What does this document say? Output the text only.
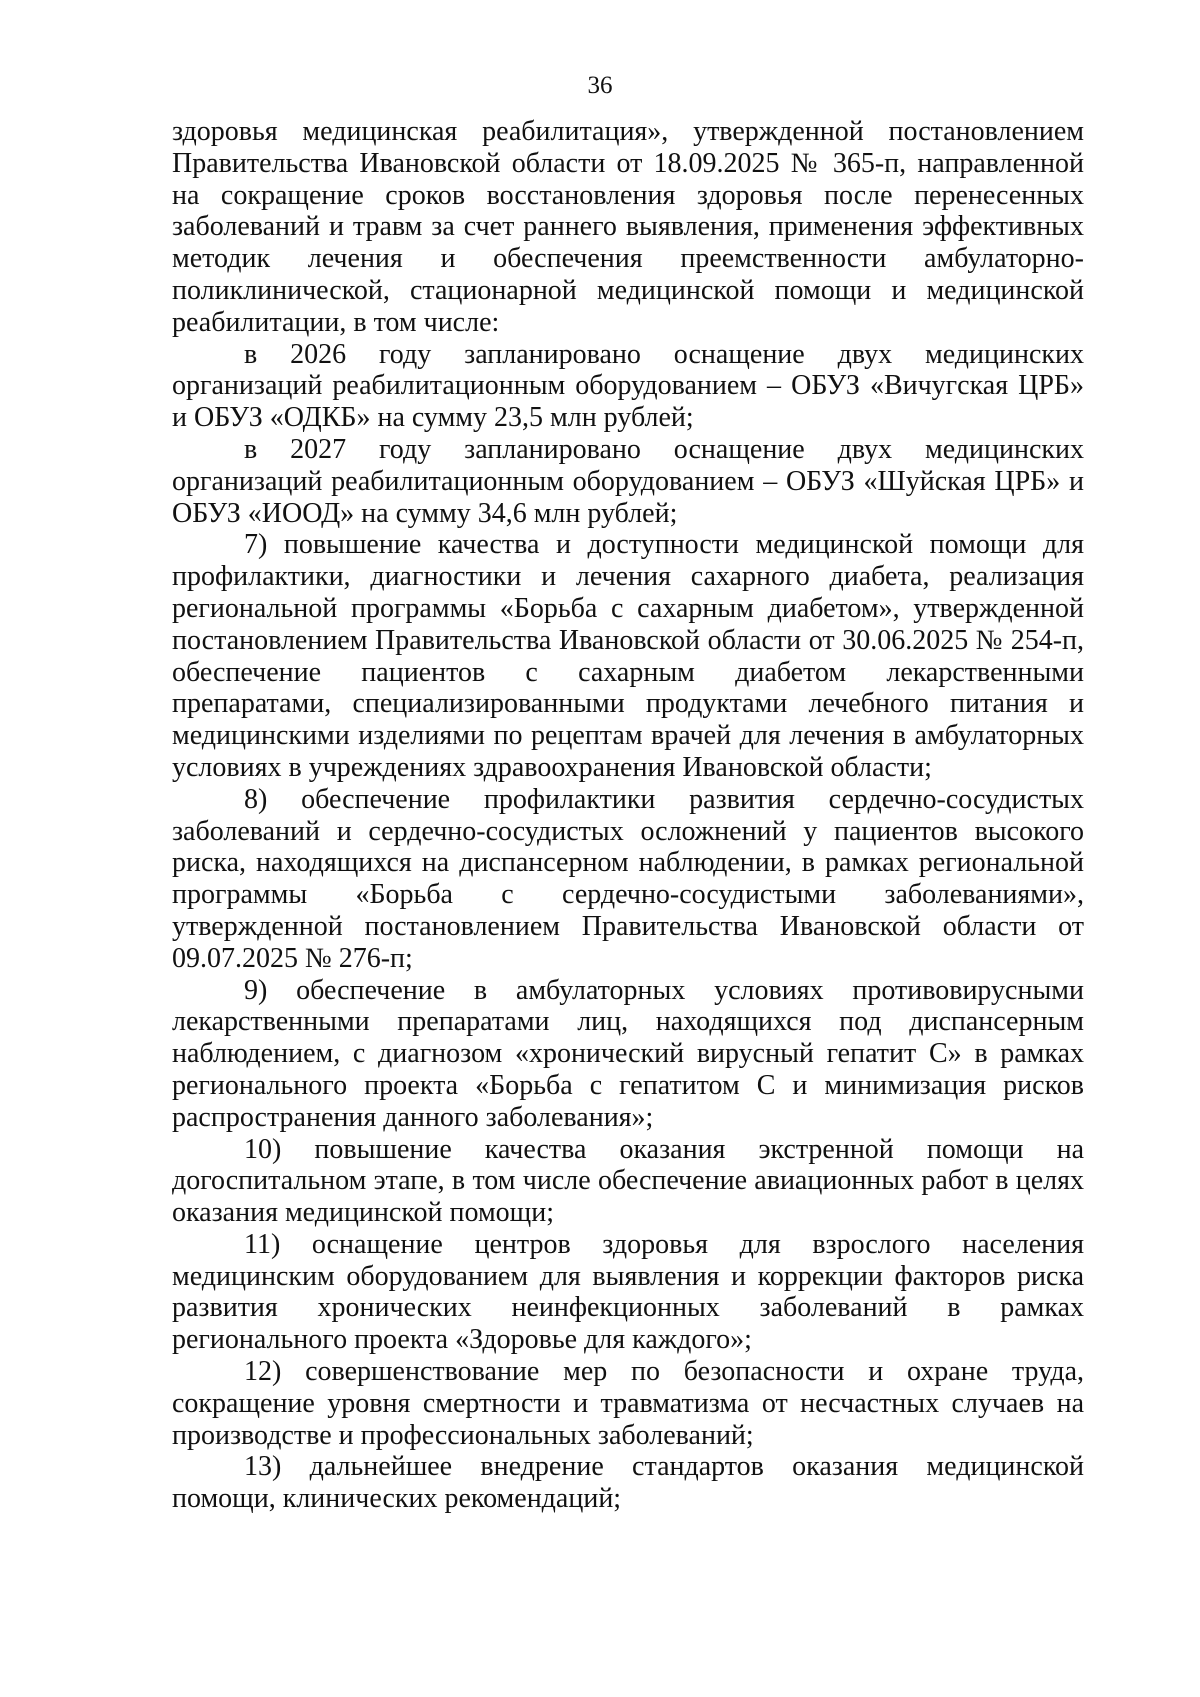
36

здоровья медицинская реабилитация», утвержденной постановлением Правительства Ивановской области от 18.09.2025 № 365-п, направленной на сокращение сроков восстановления здоровья после перенесенных заболеваний и травм за счет раннего выявления, применения эффективных методик лечения и обеспечения преемственности амбулаторно-поликлинической, стационарной медицинской помощи и медицинской реабилитации, в том числе:

в 2026 году запланировано оснащение двух медицинских организаций реабилитационным оборудованием – ОБУЗ «Вичугская ЦРБ» и ОБУЗ «ОДКБ» на сумму 23,5 млн рублей;

в 2027 году запланировано оснащение двух медицинских организаций реабилитационным оборудованием – ОБУЗ «Шуйская ЦРБ» и ОБУЗ «ИООД» на сумму 34,6 млн рублей;

7) повышение качества и доступности медицинской помощи для профилактики, диагностики и лечения сахарного диабета, реализация региональной программы «Борьба с сахарным диабетом», утвержденной постановлением Правительства Ивановской области от 30.06.2025 № 254-п, обеспечение пациентов с сахарным диабетом лекарственными препаратами, специализированными продуктами лечебного питания и медицинскими изделиями по рецептам врачей для лечения в амбулаторных условиях в учреждениях здравоохранения Ивановской области;

8) обеспечение профилактики развития сердечно-сосудистых заболеваний и сердечно-сосудистых осложнений у пациентов высокого риска, находящихся на диспансерном наблюдении, в рамках региональной программы «Борьба с сердечно-сосудистыми заболеваниями», утвержденной постановлением Правительства Ивановской области от 09.07.2025 № 276-п;

9) обеспечение в амбулаторных условиях противовирусными лекарственными препаратами лиц, находящихся под диспансерным наблюдением, с диагнозом «хронический вирусный гепатит С» в рамках регионального проекта «Борьба с гепатитом С и минимизация рисков распространения данного заболевания»;

10) повышение качества оказания экстренной помощи на догоспитальном этапе, в том числе обеспечение авиационных работ в целях оказания медицинской помощи;

11) оснащение центров здоровья для взрослого населения медицинским оборудованием для выявления и коррекции факторов риска развития хронических неинфекционных заболеваний в рамках регионального проекта «Здоровье для каждого»;

12) совершенствование мер по безопасности и охране труда, сокращение уровня смертности и травматизма от несчастных случаев на производстве и профессиональных заболеваний;

13) дальнейшее внедрение стандартов оказания медицинской помощи, клинических рекомендаций;
